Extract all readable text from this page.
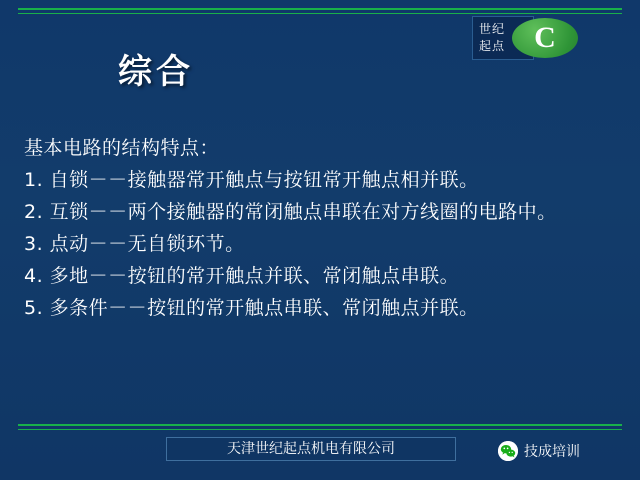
世纪
起点 C
综合
基本电路的结构特点：
1. 自锁－－接触器常开触点与按钮常开触点相并联。
2. 互锁－－两个接触器的常闭触点串联在对方线圈的电路中。
3. 点动－－无自锁环节。
4. 多地－－按钮的常开触点并联、常闭触点串联。
5. 多条件－－按钮的常开触点串联、常闭触点并联。
天津世纪起点机电有限公司	技成培训
